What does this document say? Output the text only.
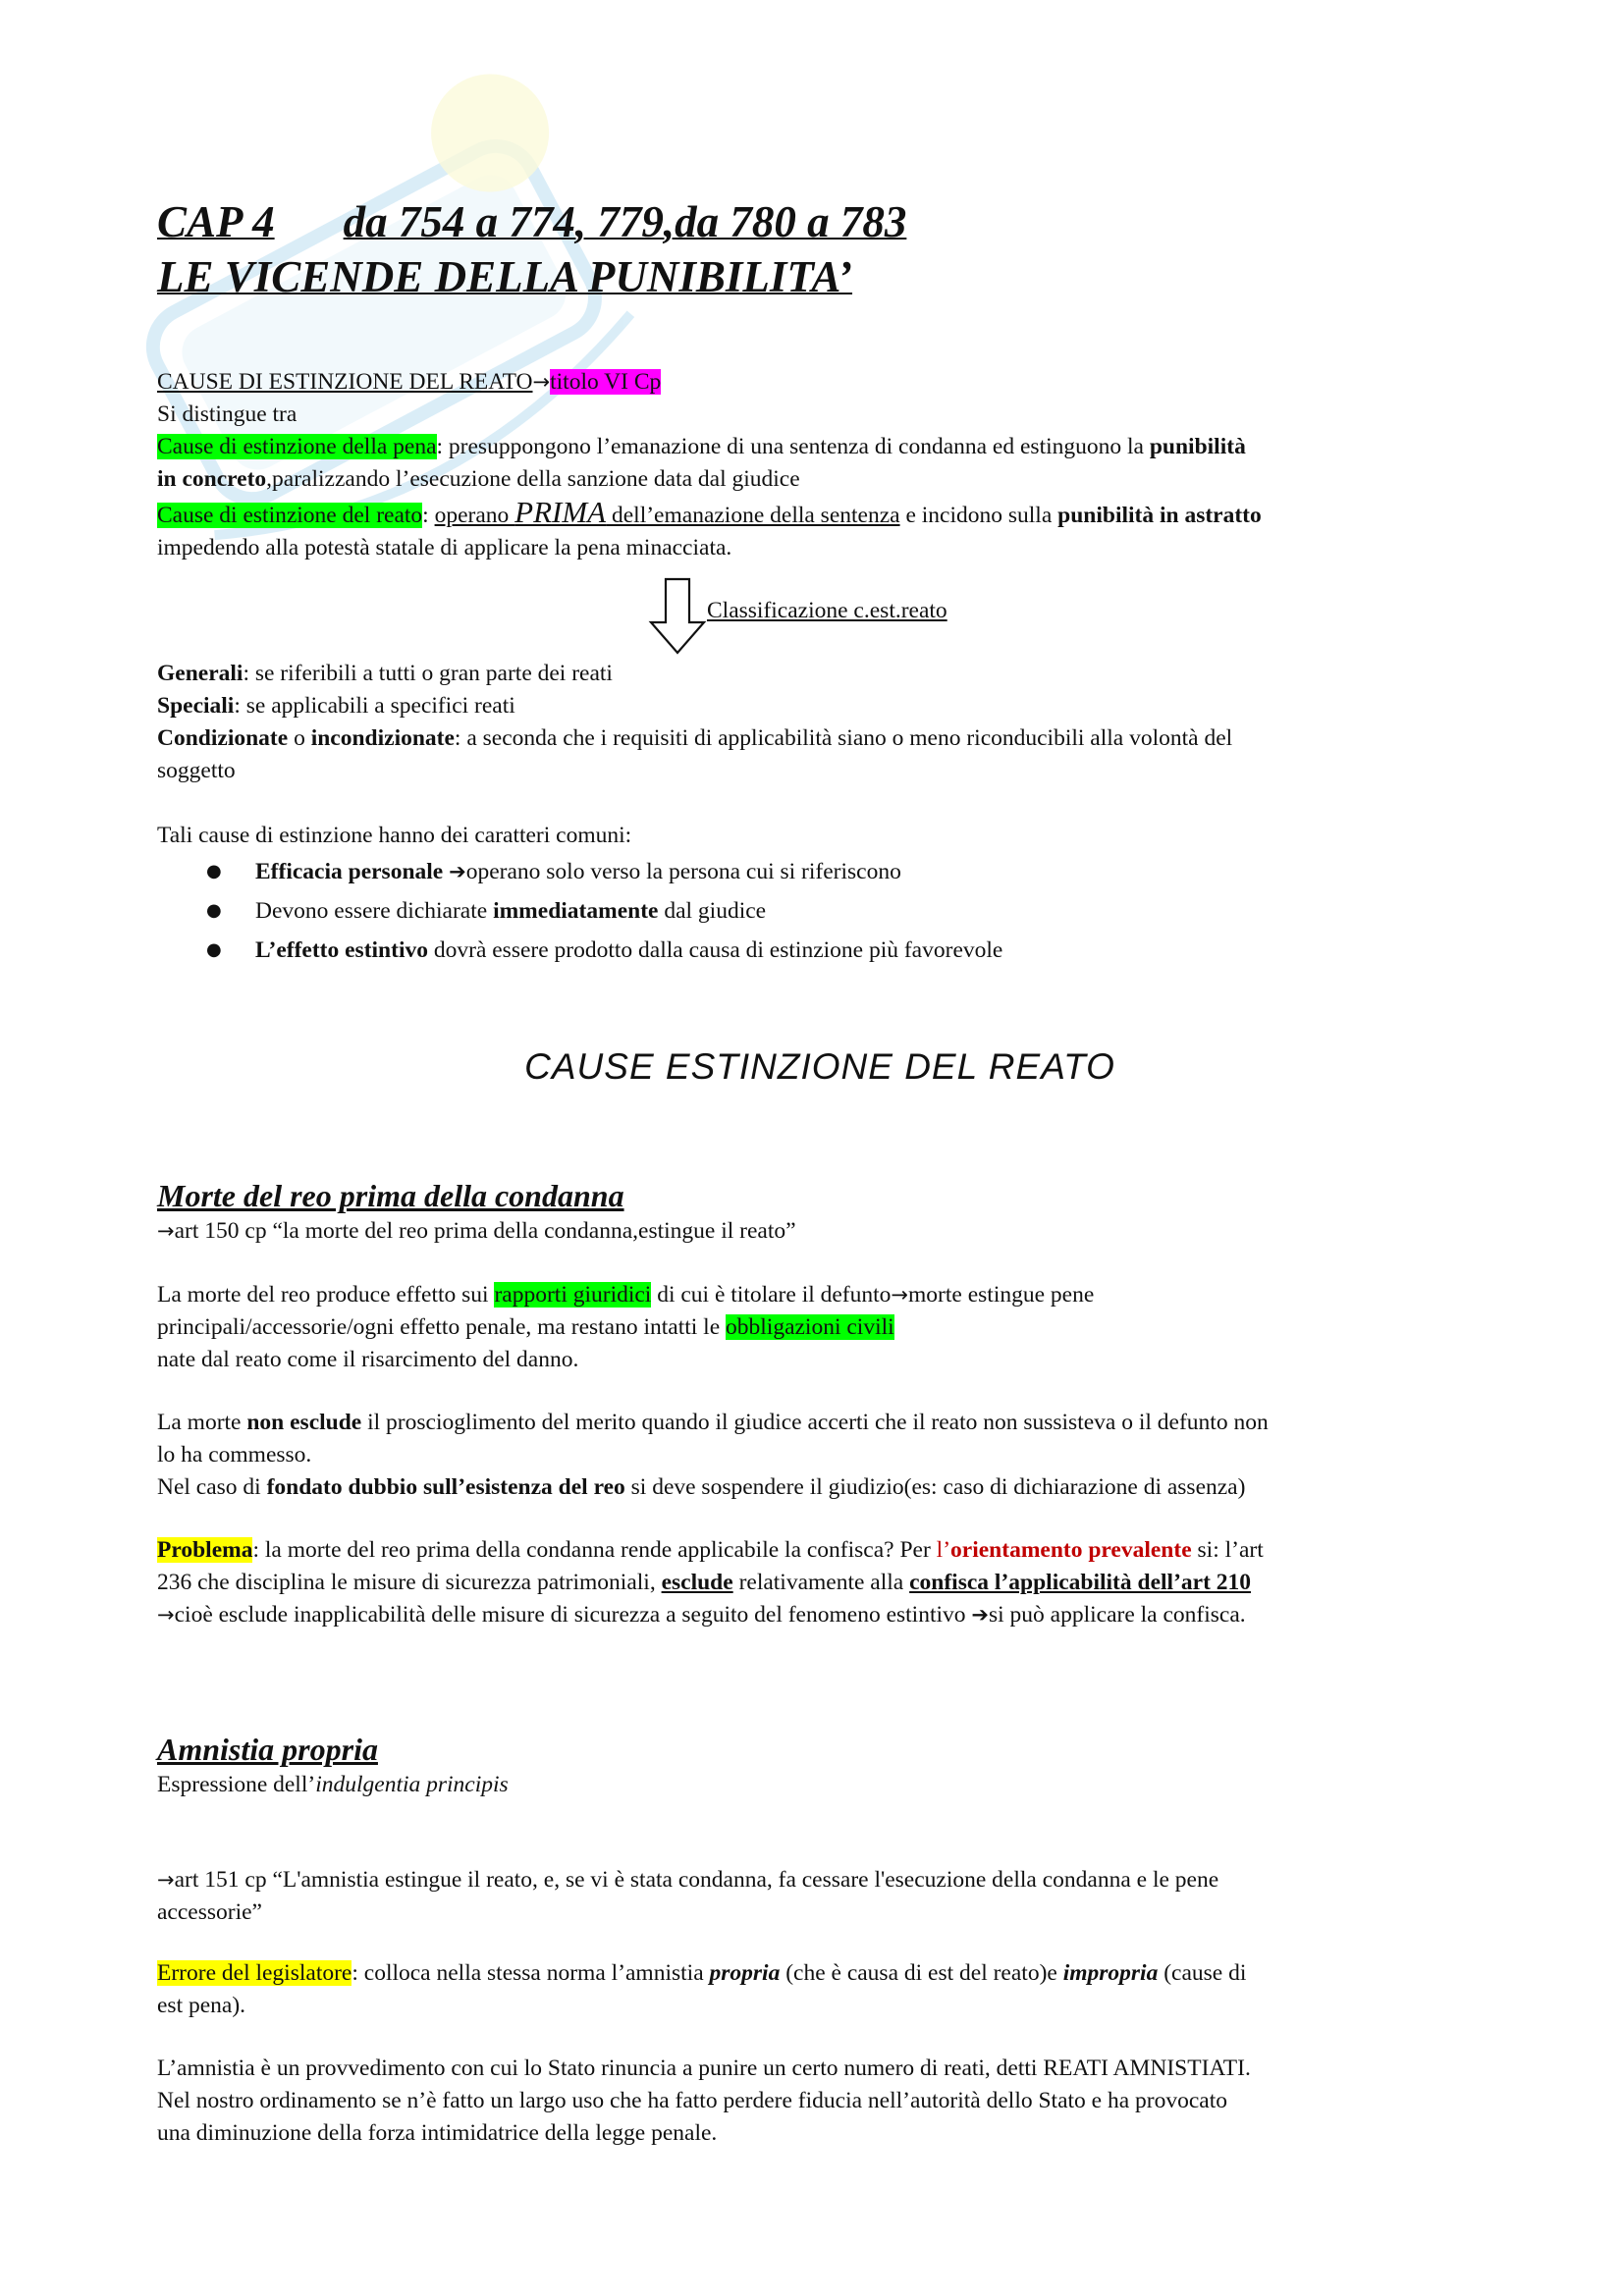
CAP 4 da 754 a 774, 779,da 780 a 783

LE VICENDE DELLA PUNIBILITA’

CAUSE DI ESTINZIONE DEL REATO→titolo VI Cp

Si distingue tra

Cause di estinzione della pena: presuppongono l’emanazione di una sentenza di condanna ed estinguono la punibilità

in concreto,paralizzando l’esecuzione della sanzione data dal giudice

Cause di estinzione del reato: operano PRIMA dell’emanazione della sentenza e incidono sulla punibilità in astratto

impedendo alla potestà statale di applicare la pena minacciata.

Classificazione c.est.reato

Generali: se riferibili a tutti o gran parte dei reati

Speciali: se applicabili a specifici reati

Condizionate o incondizionate: a seconda che i requisiti di applicabilità siano o meno riconducibili alla volontà del

soggetto

Tali cause di estinzione hanno dei caratteri comuni:

● Efficacia personale ➔operano solo verso la persona cui si riferiscono
● Devono essere dichiarate immediatamente dal giudice
● L’effetto estintivo dovrà essere prodotto dalla causa di estinzione più favorevole

CAUSE ESTINZIONE DEL REATO

Morte del reo prima della condanna

→art 150 cp “la morte del reo prima della condanna,estingue il reato”

La morte del reo produce effetto sui rapporti giuridici di cui è titolare il defunto→morte estingue pene

principali/accessorie/ogni effetto penale, ma restano intatti le obbligazioni civili

nate dal reato come il risarcimento del danno.

La morte non esclude il proscioglimento del merito quando il giudice accerti che il reato non sussisteva o il defunto non

lo ha commesso.

Nel caso di fondato dubbio sull’esistenza del reo si deve sospendere il giudizio(es: caso di dichiarazione di assenza)

Problema: la morte del reo prima della condanna rende applicabile la confisca? Per l’orientamento prevalente si: l’art

236 che disciplina le misure di sicurezza patrimoniali, esclude relativamente alla confisca l’applicabilità dell’art 210

→cioè esclude inapplicabilità delle misure di sicurezza a seguito del fenomeno estintivo ➔si può applicare la confisca.

Amnistia propria

Espressione dell’indulgentia principis

→art 151 cp “L'amnistia estingue il reato, e, se vi è stata condanna, fa cessare l'esecuzione della condanna e le pene

accessorie”

Errore del legislatore: colloca nella stessa norma l’amnistia propria (che è causa di est del reato)e impropria (cause di

est pena).

L’amnistia è un provvedimento con cui lo Stato rinuncia a punire un certo numero di reati, detti REATI AMNISTIATI.

Nel nostro ordinamento se n’è fatto un largo uso che ha fatto perdere fiducia nell’autorità dello Stato e ha provocato

una diminuzione della forza intimidatrice della legge penale.
